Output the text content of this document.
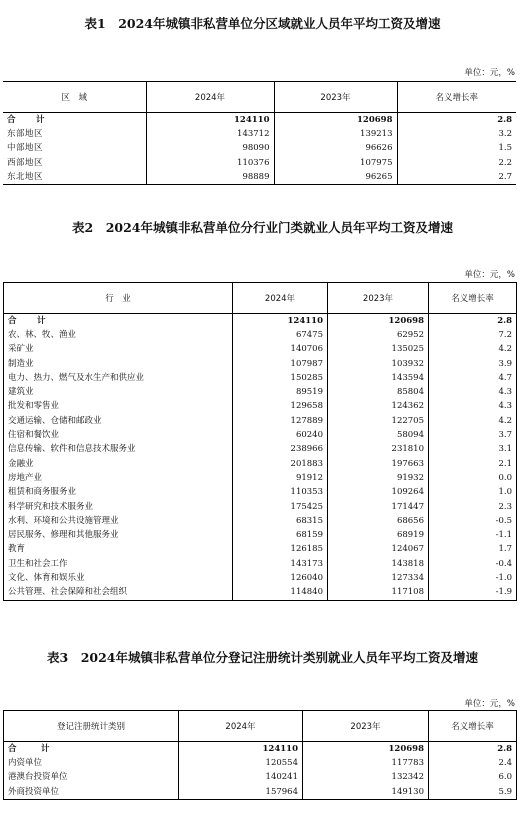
表1　2024年城镇非私营单位分区域就业人员年平均工资及增速
单位：元，%
区　域	2024年	2023年	名义增长率
合　计	124110	120698	2.8
东部地区	143712	139213	3.2
中部地区	98090	96626	1.5
西部地区	110376	107975	2.2
东北地区	98889	96265	2.7
表2　2024年城镇非私营单位分行业门类就业人员年平均工资及增速
单位：元，%
行　业	2024年	2023年	名义增长率
合　计	124110	120698	2.8
农、林、牧、渔业	67475	62952	7.2
采矿业	140706	135025	4.2
制造业	107987	103932	3.9
电力、热力、燃气及水生产和供应业	150285	143594	4.7
建筑业	89519	85804	4.3
批发和零售业	129658	124362	4.3
交通运输、仓储和邮政业	127889	122705	4.2
住宿和餐饮业	60240	58094	3.7
信息传输、软件和信息技术服务业	238966	231810	3.1
金融业	201883	197663	2.1
房地产业	91912	91932	0.0
租赁和商务服务业	110353	109264	1.0
科学研究和技术服务业	175425	171447	2.3
水利、环境和公共设施管理业	68315	68656	-0.5
居民服务、修理和其他服务业	68159	68919	-1.1
教育	126185	124067	1.7
卫生和社会工作	143173	143818	-0.4
文化、体育和娱乐业	126040	127334	-1.0
公共管理、社会保障和社会组织	114840	117108	-1.9
表3　2024年城镇非私营单位分登记注册统计类别就业人员年平均工资及增速
单位：元，%
登记注册统计类别	2024年	2023年	名义增长率
合　计	124110	120698	2.8
内资单位	120554	117783	2.4
港澳台投资单位	140241	132342	6.0
外商投资单位	157964	149130	5.9
